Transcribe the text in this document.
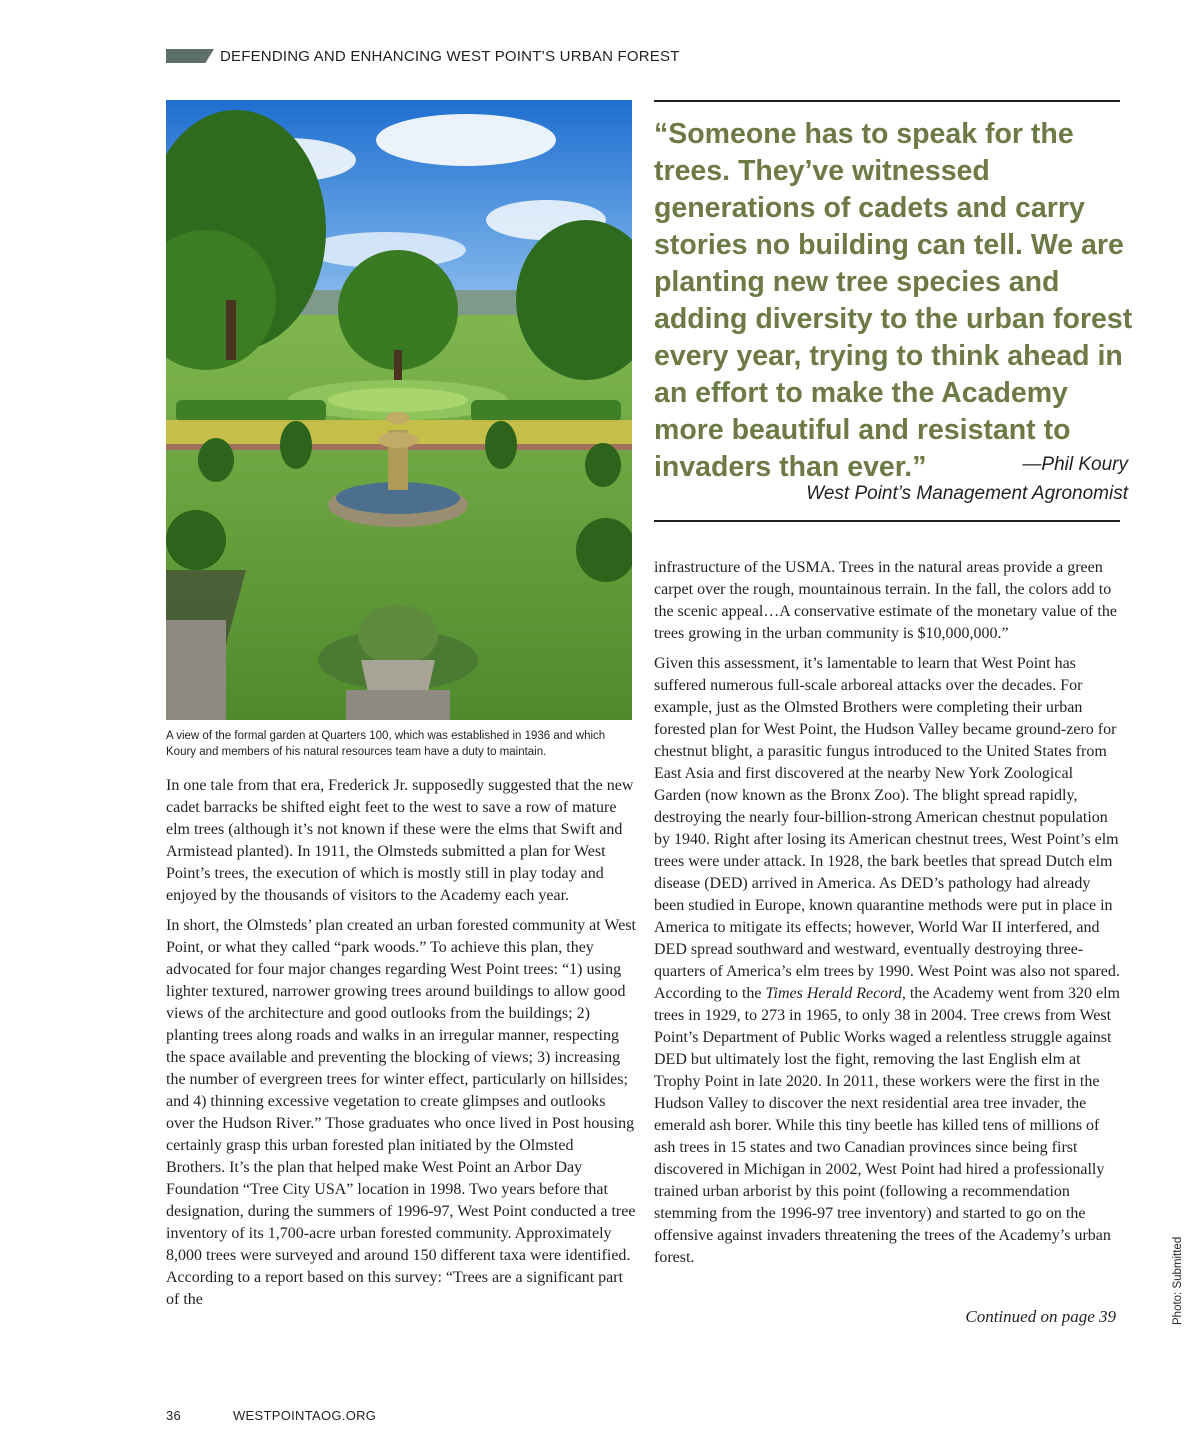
DEFENDING AND ENHANCING WEST POINT’S URBAN FOREST
A view of the formal garden at Quarters 100, which was established in 1936 and which Koury and members of his natural resources team have a duty to maintain.

In one tale from that era, Frederick Jr. supposedly suggested that the new cadet barracks be shifted eight feet to the west to save a row of mature elm trees (although it’s not known if these were the elms that Swift and Armistead planted). In 1911, the Olmsteds submitted a plan for West Point’s trees, the execution of which is mostly still in play today and enjoyed by the thousands of visitors to the Academy each year.

In short, the Olmsteds’ plan created an urban forested community at West Point, or what they called “park woods.” To achieve this plan, they advocated for four major changes regarding West Point trees: “1) using lighter textured, narrower growing trees around buildings to allow good views of the architecture and good outlooks from the buildings; 2) planting trees along roads and walks in an irregular manner, respecting the space available and preventing the blocking of views; 3) increasing the number of evergreen trees for winter effect, particularly on hillsides; and 4) thinning excessive vegetation to create glimpses and outlooks over the Hudson River.” Those graduates who once lived in Post housing certainly grasp this urban forested plan initiated by the Olmsted Brothers. It’s the plan that helped make West Point an Arbor Day Foundation “Tree City USA” location in 1998. Two years before that designation, during the summers of 1996-97, West Point conducted a tree inventory of its 1,700-acre urban forested community. Approximately 8,000 trees were surveyed and around 150 different taxa were identified. According to a report based on this survey: “Trees are a significant part of the

“Someone has to speak for the trees. They’ve witnessed generations of cadets and carry stories no building can tell. We are planting new tree species and adding diversity to the urban forest every year, trying to think ahead in an effort to make the Academy more beautiful and resistant to invaders than ever.”	—Phil Koury
West Point’s Management Agronomist

infrastructure of the USMA. Trees in the natural areas provide a green carpet over the rough, mountainous terrain. In the fall, the colors add to the scenic appeal…A conservative estimate of the monetary value of the trees growing in the urban community is $10,000,000.”

Given this assessment, it’s lamentable to learn that West Point has suffered numerous full-scale arboreal attacks over the decades. For example, just as the Olmsted Brothers were completing their urban forested plan for West Point, the Hudson Valley became ground-zero for chestnut blight, a parasitic fungus introduced to the United States from East Asia and first discovered at the nearby New York Zoological Garden (now known as the Bronx Zoo). The blight spread rapidly, destroying the nearly four-billion-strong American chestnut population by 1940. Right after losing its American chestnut trees, West Point’s elm trees were under attack. In 1928, the bark beetles that spread Dutch elm disease (DED) arrived in America. As DED’s pathology had already been studied in Europe, known quarantine methods were put in place in America to mitigate its effects; however, World War II interfered, and DED spread southward and westward, eventually destroying three-quarters of America’s elm trees by 1990. West Point was also not spared. According to the Times Herald Record, the Academy went from 320 elm trees in 1929, to 273 in 1965, to only 38 in 2004. Tree crews from West Point’s Department of Public Works waged a relentless struggle against DED but ultimately lost the fight, removing the last English elm at Trophy Point in late 2020. In 2011, these workers were the first in the Hudson Valley to discover the next residential area tree invader, the emerald ash borer. While this tiny beetle has killed tens of millions of ash trees in 15 states and two Canadian provinces since being first discovered in Michigan in 2002, West Point had hired a professionally trained urban arborist by this point (following a recommendation stemming from the 1996-97 tree inventory) and started to go on the offensive against invaders threatening the trees of the Academy’s urban forest.

Continued on page 39	Photo: Submitted
36	WESTPOINTAOG.ORG
